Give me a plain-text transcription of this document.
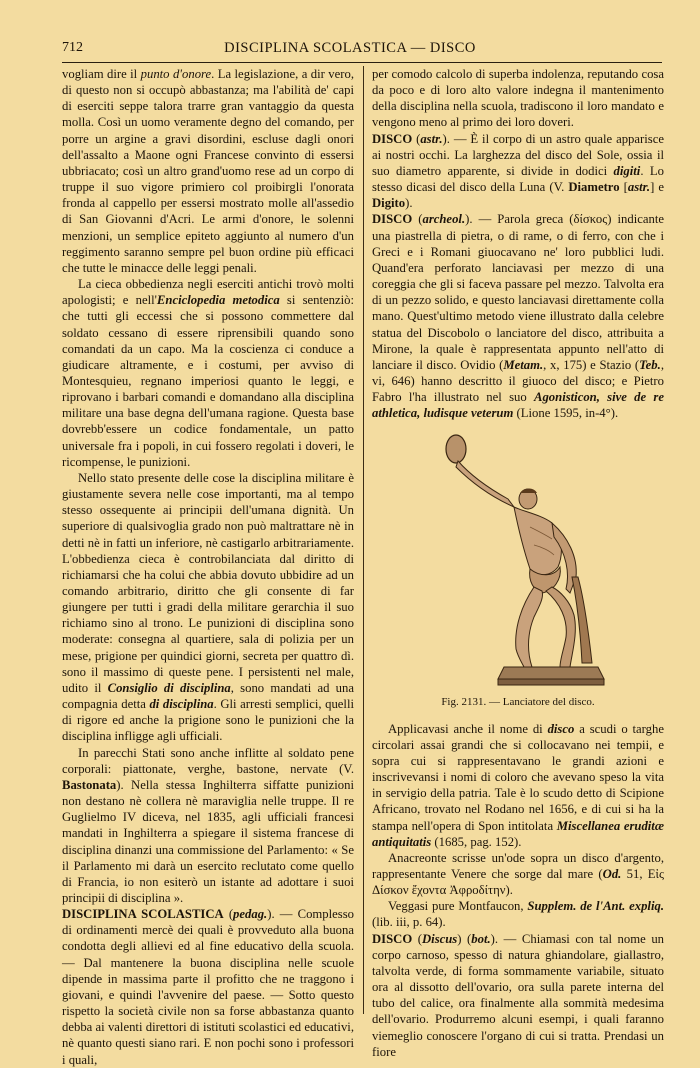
712	DISCIPLINA SCOLASTICA — DISCO

vogliam dire il punto d'onore. La legislazione, a dir vero, di questo non si occupò abbastanza; ma l'abilità de' capi di eserciti seppe talora trarre gran vantaggio da questa molla. Così un uomo veramente degno del comando, per porre un argine a gravi disordini, escluse dagli onori dell'assalto a Maone ogni Francese convinto di essersi ubbriacato; così un altro grand'uomo rese ad un corpo di truppe il suo vigore primiero col proibirgli l'onorata fronda al cappello per essersi mostrato molle all'assedio di San Giovanni d'Acri. Le armi d'onore, le solenni menzioni, un semplice epiteto aggiunto al numero d'un reggimento saranno sempre pel buon ordine più efficaci che tutte le minacce delle leggi penali.

La cieca obbedienza negli eserciti antichi trovò molti apologisti; e nell'Enciclopedia metodica si sentenziò: che tutti gli eccessi che si possono commettere dal soldato cessano di essere riprensibili quando sono comandati da un capo. Ma la coscienza ci conduce a giudicare altramente, e i costumi, per avviso di Montesquieu, regnano imperiosi quanto le leggi, e riprovano i barbari comandi e domandano alla disciplina militare una base degna dell'umana ragione. Questa base dovrebb'essere un codice fondamentale, un patto universale fra i popoli, in cui fossero regolati i doveri, le ricompense, le punizioni.

Nello stato presente delle cose la disciplina militare è giustamente severa nelle cose importanti, ma al tempo stesso ossequente ai principii dell'umana dignità. Un superiore di qualsivoglia grado non può maltrattare nè in detti nè in fatti un inferiore, nè castigarlo arbitrariamente. L'obbedienza cieca è controbilanciata dal diritto di richiamarsi che ha colui che abbia dovuto ubbidire ad un comando arbitrario, diritto che gli consente di far giungere per tutti i gradi della militare gerarchia il suo richiamo sino al trono. Le punizioni di disciplina sono moderate: consegna al quartiere, sala di polizia per un mese, prigione per quindici giorni, secreta per quattro dì. sono il massimo di queste pene. I persistenti nel male, udito il Consiglio di disciplina, sono mandati ad una compagnia detta di disciplina. Gli arresti semplici, quelli di rigore ed anche la prigione sono le punizioni che la disciplina infligge agli ufficiali.

In parecchi Stati sono anche inflitte al soldato pene corporali: piattonate, verghe, bastone, nervate (V. Bastonata). Nella stessa Inghilterra siffatte punizioni non destano nè collera nè maraviglia nelle truppe. Il re Guglielmo IV diceva, nel 1835, agli ufficiali francesi mandati in Inghilterra a spiegare il sistema francese di disciplina dinanzi una commissione del Parlamento: « Se il Parlamento mi darà un esercito reclutato come quello di Francia, io non esiterò un istante ad adottare i suoi principii di disciplina ».

DISCIPLINA SCOLASTICA (pedag.). — Complesso di ordinamenti mercè dei quali è provveduto alla buona condotta degli allievi ed al fine educativo della scuola. — Dal mantenere la buona disciplina nelle scuole dipende in massima parte il profitto che ne traggono i giovani, e quindi l'avvenire del paese. — Sotto questo rispetto la società civile non sa forse abbastanza quanto debba ai valenti direttori di istituti scolastici ed educativi, nè quanto questi siano rari. E non pochi sono i professori i quali,

per comodo calcolo di superba indolenza, reputando cosa da poco e di loro alto valore indegna il mantenimento della disciplina nella scuola, tradiscono il loro mandato e vengono meno al primo dei loro doveri.

DISCO (astr.). — È il corpo di un astro quale apparisce ai nostri occhi. La larghezza del disco del Sole, ossia il suo diametro apparente, si divide in dodici digiti. Lo stesso dicasi del disco della Luna (V. Diametro [astr.] e Digito).

DISCO (archeol.). — Parola greca (δίσκος) indicante una piastrella di pietra, o di rame, o di ferro, con che i Greci e i Romani giuocavano ne' loro pubblici ludi. Quand'era perforato lanciavasi per mezzo di una coreggia che gli si faceva passare pel mezzo. Talvolta era di un pezzo solido, e questo lanciavasi direttamente colla mano. Quest'ultimo metodo viene illustrato dalla celebre statua del Discobolo o lanciatore del disco, attribuita a Mirone, la quale è rappresentata appunto nell'atto di lanciare il disco. Ovidio (Metam., x, 175) e Stazio (Teb., vi, 646) hanno descritto il giuoco del disco; e Pietro Fabro l'ha illustrato nel suo Agonisticon, sive de re athletica, ludisque veterum (Lione 1595, in-4°).

Fig. 2131. — Lanciatore del disco.

Applicavasi anche il nome di disco a scudi o targhe circolari assai grandi che si collocavano nei tempii, e sopra cui si rappresentavano le grandi azioni e inscrivevansi i nomi di coloro che avevano speso la vita in servigio della patria. Tale è lo scudo detto di Scipione Africano, trovato nel Rodano nel 1656, e di cui si ha la stampa nell'opera di Spon intitolata Miscellanea eruditæ antiquitatis (1685, pag. 152).

Anacreonte scrisse un'ode sopra un disco d'argento, rappresentante Venere che sorge dal mare (Od. 51, Εἰς Δίσκον ἔχοντα Ἀφροδίτην).

Veggasi pure Montfaucon, Supplem. de l'Ant. expliq. (lib. iii, p. 64).

DISCO (Discus) (bot.). — Chiamasi con tal nome un corpo carnoso, spesso di natura ghiandolare, giallastro, talvolta verde, di forma sommamente variabile, situato ora al dissotto dell'ovario, ora sulla parete interna del tubo del calice, ora finalmente alla sommità medesima dell'ovario. Produrremo alcuni esempi, i quali faranno viemeglio conoscere l'organo di cui si tratta. Prendasi un fiore
